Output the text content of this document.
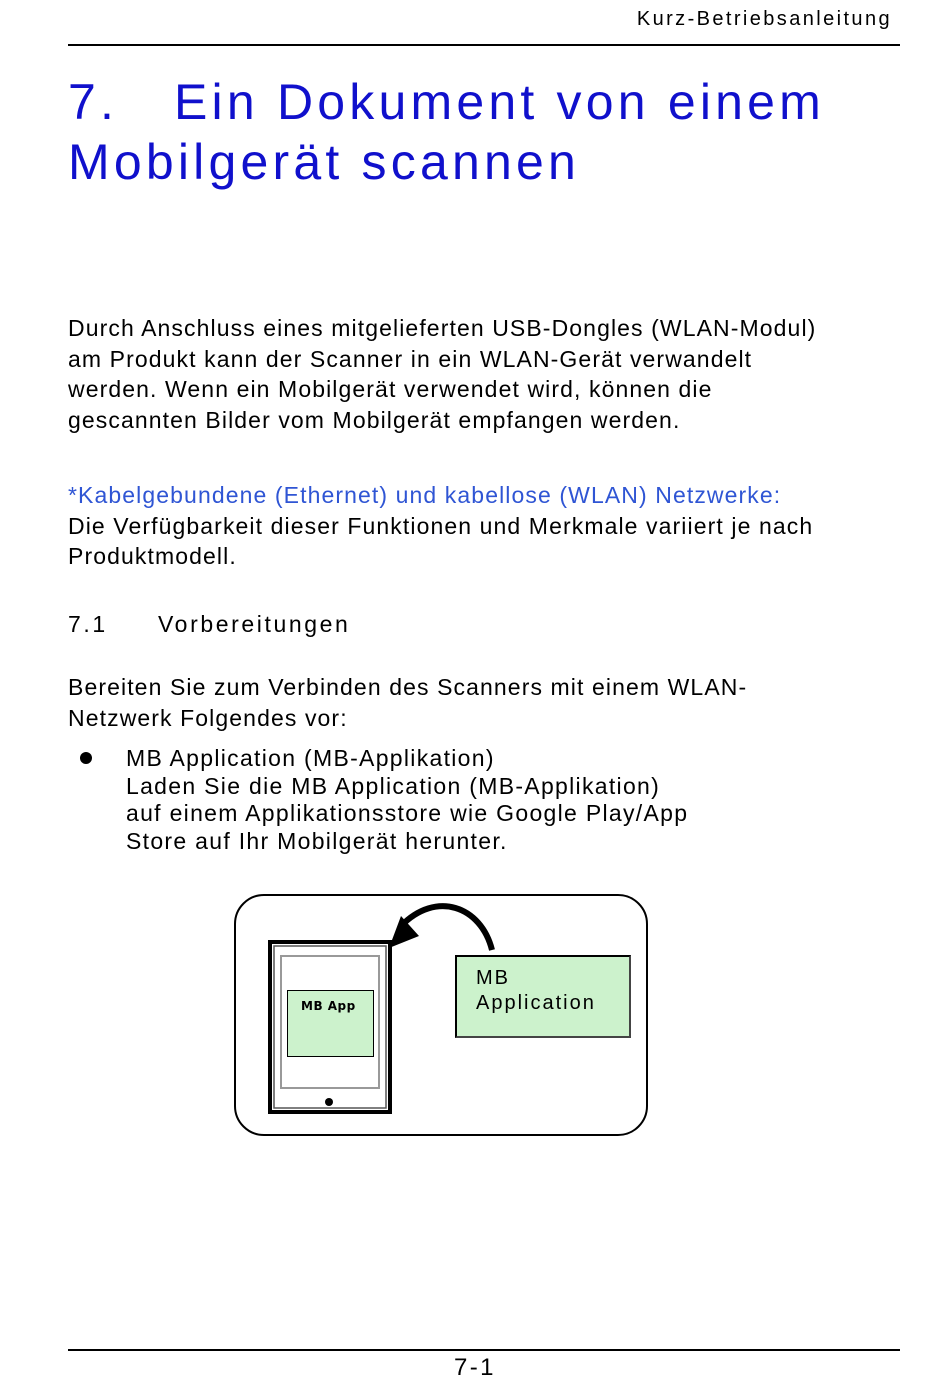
Kurz-Betriebsanleitung
7. Ein Dokument von einem
Mobilgerät scannen

Durch Anschluss eines mitgelieferten USB-Dongles (WLAN-Modul) am Produkt kann der Scanner in ein WLAN-Gerät verwandelt werden. Wenn ein Mobilgerät verwendet wird, können die gescannten Bilder vom Mobilgerät empfangen werden.

*Kabelgebundene (Ethernet) und kabellose (WLAN) Netzwerke:
Die Verfügbarkeit dieser Funktionen und Merkmale variiert je nach Produktmodell.

7.1 Vorbereitungen

Bereiten Sie zum Verbinden des Scanners mit einem WLAN-Netzwerk Folgendes vor:

MB Application (MB-Applikation)
Laden Sie die MB Application (MB-Applikation)
auf einem Applikationsstore wie Google Play/App
Store auf Ihr Mobilgerät herunter.

MB App
MB
Application
7-1
